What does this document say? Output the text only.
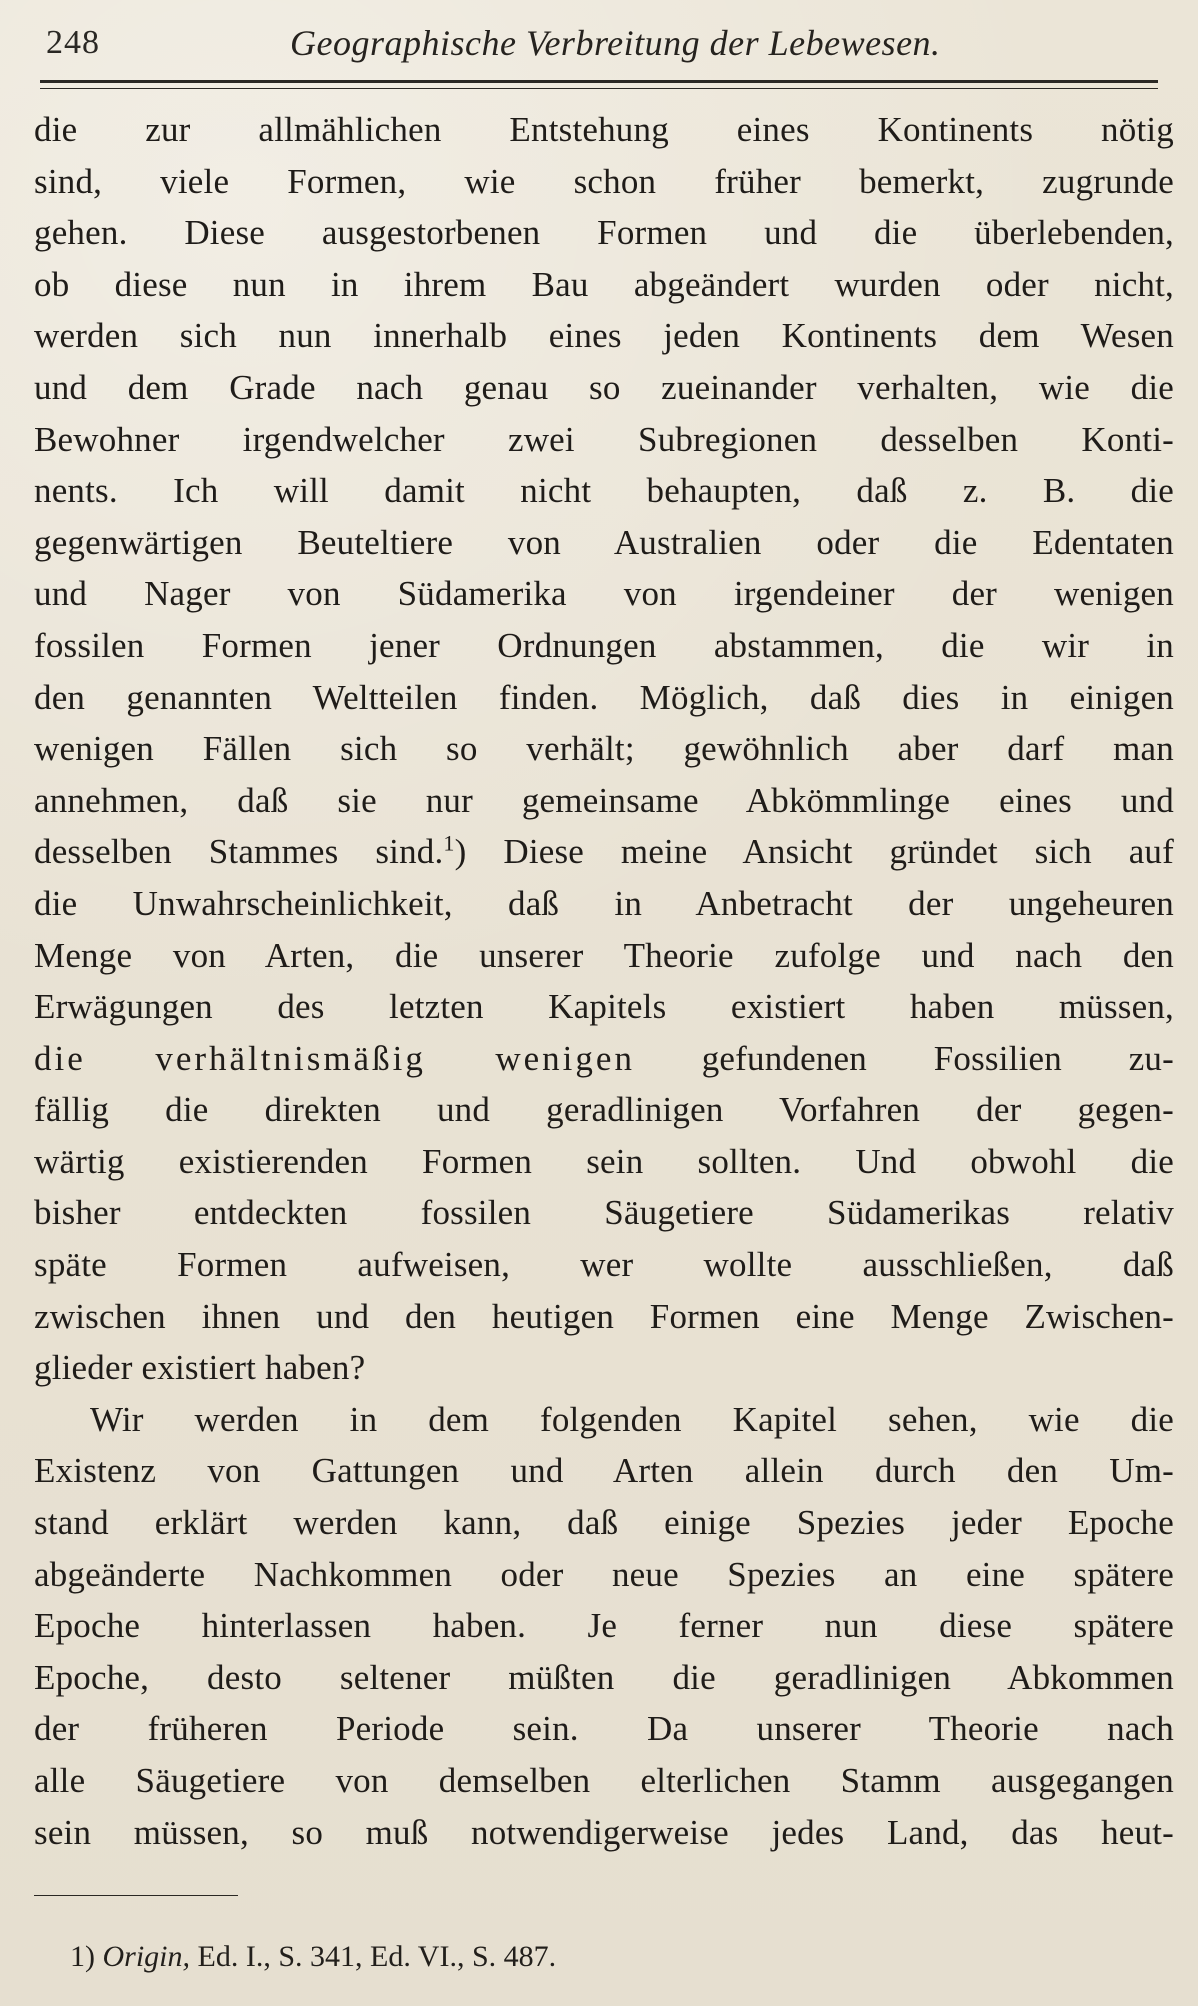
248	Geographische Verbreitung der Lebewesen.
die zur allmählichen Entstehung eines Kontinents nötig
sind, viele Formen, wie schon früher bemerkt, zugrunde
gehen. Diese ausgestorbenen Formen und die überlebenden,
ob diese nun in ihrem Bau abgeändert wurden oder nicht,
werden sich nun innerhalb eines jeden Kontinents dem Wesen
und dem Grade nach genau so zueinander verhalten, wie die
Bewohner irgendwelcher zwei Subregionen desselben Konti-
nents. Ich will damit nicht behaupten, daß z. B. die
gegenwärtigen Beuteltiere von Australien oder die Edentaten
und Nager von Südamerika von irgendeiner der wenigen
fossilen Formen jener Ordnungen abstammen, die wir in
den genannten Weltteilen finden. Möglich, daß dies in einigen
wenigen Fällen sich so verhält; gewöhnlich aber darf man
annehmen, daß sie nur gemeinsame Abkömmlinge eines und
desselben Stammes sind.$^1$) Diese meine Ansicht gründet sich auf
die Unwahrscheinlichkeit, daß in Anbetracht der ungeheuren
Menge von Arten, die unserer Theorie zufolge und nach den
Erwägungen des letzten Kapitels existiert haben müssen,
die verhältnismäßig wenigen gefundenen Fossilien zu-
fällig die direkten und geradlinigen Vorfahren der gegen-
wärtig existierenden Formen sein sollten. Und obwohl die
bisher entdeckten fossilen Säugetiere Südamerikas relativ
späte Formen aufweisen, wer wollte ausschließen, daß
zwischen ihnen und den heutigen Formen eine Menge Zwischen-
glieder existiert haben?
Wir werden in dem folgenden Kapitel sehen, wie die
Existenz von Gattungen und Arten allein durch den Um-
stand erklärt werden kann, daß einige Spezies jeder Epoche
abgeänderte Nachkommen oder neue Spezies an eine spätere
Epoche hinterlassen haben. Je ferner nun diese spätere
Epoche, desto seltener müßten die geradlinigen Abkommen
der früheren Periode sein. Da unserer Theorie nach
alle Säugetiere von demselben elterlichen Stamm ausgegangen
sein müssen, so muß notwendigerweise jedes Land, das heut-
1) Origin, Ed. I., S. 341, Ed. VI., S. 487.
